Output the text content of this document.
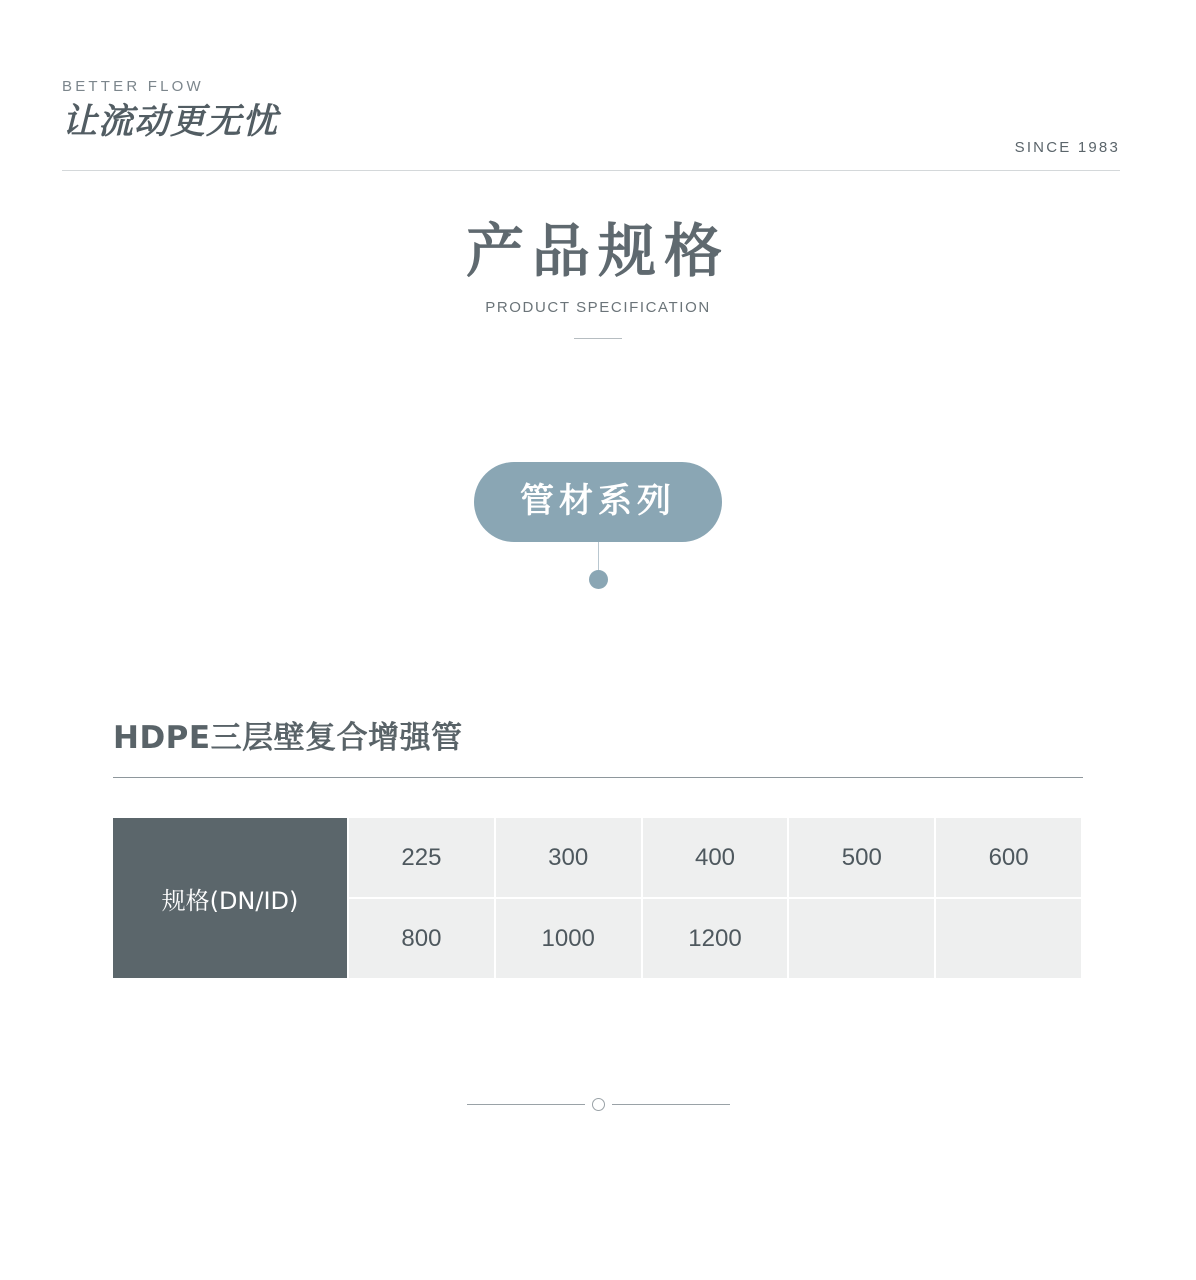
BETTER FLOW
让流动更无忧
SINCE 1983
产品规格
PRODUCT SPECIFICATION
管材系列
HDPE三层壁复合增强管
规格(DN/ID)	225	300	400	500	600
	800	1000	1200		
